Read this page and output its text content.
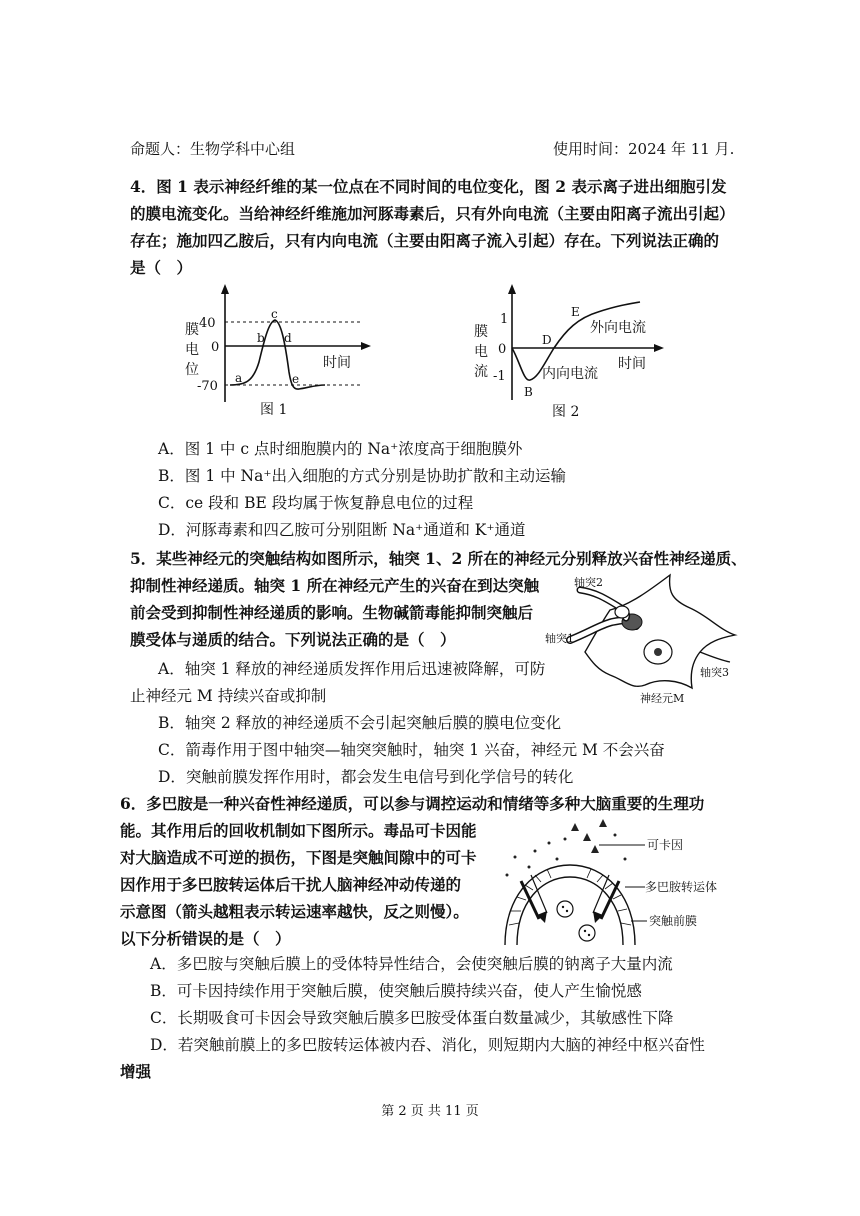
命题人：生物学科中心组	使用时间：2024 年 11 月.
4．图 1 表示神经纤维的某一位点在不同时间的电位变化，图 2 表示离子进出细胞引发
的膜电流变化。当给神经纤维施加河豚毒素后，只有外向电流（主要由阳离子流出引起）
存在；施加四乙胺后，只有内向电流（主要由阳离子流入引起）存在。下列说法正确的
是（　）
40
0
-70
膜
电
位	时间
a
b
c
d
e
图 1
1
0
-1
膜
电
流	时间
B
D
E
外向电流
内向电流
图 2
A．图 1 中 c 点时细胞膜内的 Na⁺浓度高于细胞膜外
B．图 1 中 Na⁺出入细胞的方式分别是协助扩散和主动运输
C．ce 段和 BE 段均属于恢复静息电位的过程
D．河豚毒素和四乙胺可分别阻断 Na⁺通道和 K⁺通道
5．某些神经元的突触结构如图所示，轴突 1、2 所在的神经元分别释放兴奋性神经递质、
抑制性神经递质。轴突 1 所在神经元产生的兴奋在到达突触
前会受到抑制性神经递质的影响。生物碱箭毒能抑制突触后
膜受体与递质的结合。下列说法正确的是（　）
轴突2
轴突1
轴突3
神经元M
A．轴突 1 释放的神经递质发挥作用后迅速被降解，可防
止神经元 M 持续兴奋或抑制
B．轴突 2 释放的神经递质不会引起突触后膜的膜电位变化
C．箭毒作用于图中轴突—轴突突触时，轴突 1 兴奋，神经元 M 不会兴奋
D．突触前膜发挥作用时，都会发生电信号到化学信号的转化
6．多巴胺是一种兴奋性神经递质，可以参与调控运动和情绪等多种大脑重要的生理功
能。其作用后的回收机制如下图所示。毒品可卡因能
对大脑造成不可逆的损伤，下图是突触间隙中的可卡
因作用于多巴胺转运体后干扰人脑神经冲动传递的
示意图（箭头越粗表示转运速率越快，反之则慢）。
以下分析错误的是（　）
可卡因
多巴胺转运体
突触前膜
A．多巴胺与突触后膜上的受体特异性结合，会使突触后膜的钠离子大量内流
B．可卡因持续作用于突触后膜，使突触后膜持续兴奋，使人产生愉悦感
C．长期吸食可卡因会导致突触后膜多巴胺受体蛋白数量减少，其敏感性下降
D．若突触前膜上的多巴胺转运体被内吞、消化，则短期内大脑的神经中枢兴奋性
增强
第 2 页 共 11 页
